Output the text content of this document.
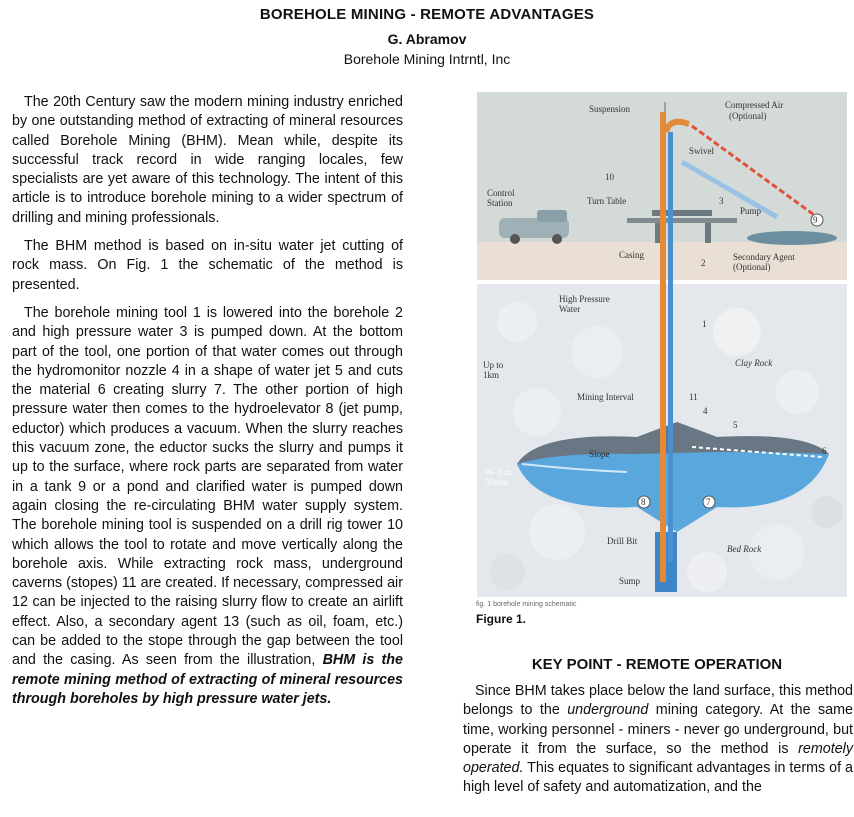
BOREHOLE MINING - REMOTE ADVANTAGES
G. Abramov
Borehole Mining Intrntl, Inc

The 20th Century saw the modern mining industry enriched by one outstanding method of extracting of mineral resources called Borehole Mining (BHM). Mean while, despite its successful track record in wide ranging locales, few specialists are yet aware of this technology. The intent of this article is to introduce borehole mining to a wider spectrum of drilling and mining professionals.

The BHM method is based on in-situ water jet cutting of rock mass. On Fig. 1 the schematic of the method is presented.

The borehole mining tool 1 is lowered into the borehole 2 and high pressure water 3 is pumped down. At the bottom part of the tool, one portion of that water comes out through the hydromonitor nozzle 4 in a shape of water jet 5 and cuts the material 6 creating slurry 7. The other portion of high pressure water then comes to the hydroelevator 8 (jet pump, eductor) which produces a vacuum. When the slurry reaches this vacuum zone, the eductor sucks the slurry and pumps it up to the surface, where rock parts are separated from water in a tank 9 or a pond and clarified water is pumped down again closing the re-circulating BHM water supply system. The borehole mining tool is suspended on a drill rig tower 10 which allows the tool to rotate and move vertically along the borehole axis. While extracting rock mass, underground caverns (stopes) 11 are created. If necessary, compressed air 12 can be injected to the raising slurry flow to create an airlift effect. Also, a secondary agent 13 (such as oil, foam, etc.) can be added to the stope through the gap between the tool and the casing. As seen from the illustration, BHM is the remote mining method of extracting of mineral resources through boreholes by high pressure water jets.

Suspension	Compressed Air
(Optional)
Swivel
10
Control
Station	Turn Table	3
Pump
9
Casing
2
Secondary Agent
(Optional)
High Pressure
Water
1
Up to
1km
Clay Rock
Mining Interval	11
4
5
6
Slope
W- 5 m
35mm
8	7
Drill Bit
Bed Rock
Sump
fig. 1 borehole mining schematic
Figure 1.
KEY POINT - REMOTE OPERATION

Since BHM takes place below the land surface, this method belongs to the underground mining category. At the same time, working personnel - miners - never go underground, but operate it from the surface, so the method is remotely operated. This equates to significant advantages in terms of a high level of safety and automatization, and the
